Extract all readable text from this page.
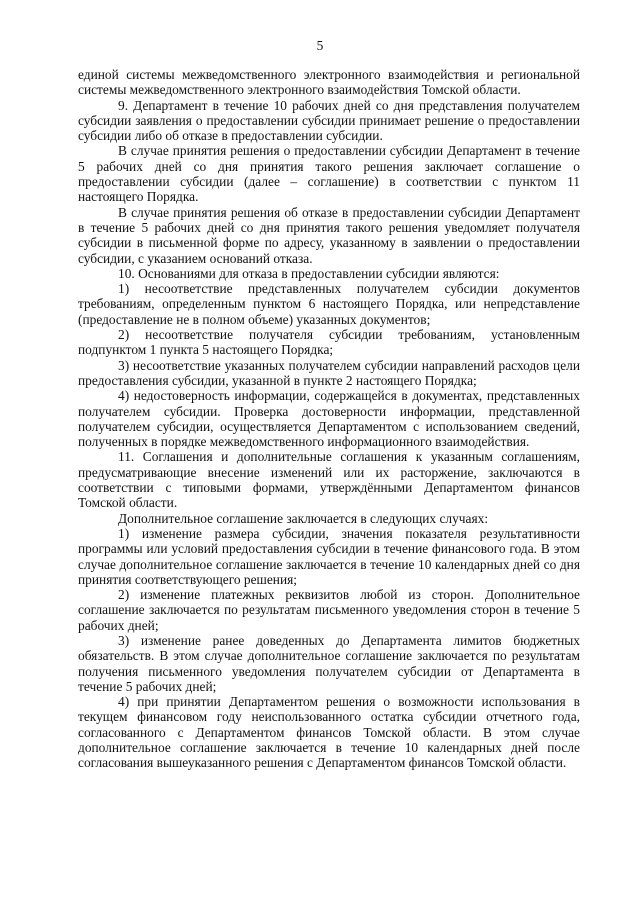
5

единой системы межведомственного электронного взаимодействия и региональной системы межведомственного электронного взаимодействия Томской области.

9. Департамент в течение 10 рабочих дней со дня представления получателем субсидии заявления о предоставлении субсидии принимает решение о предоставлении субсидии либо об отказе в предоставлении субсидии.

В случае принятия решения о предоставлении субсидии Департамент в течение 5 рабочих дней со дня принятия такого решения заключает соглашение о предоставлении субсидии (далее – соглашение) в соответствии с пунктом 11 настоящего Порядка.

В случае принятия решения об отказе в предоставлении субсидии Департамент в течение 5 рабочих дней со дня принятия такого решения уведомляет получателя субсидии в письменной форме по адресу, указанному в заявлении о предоставлении субсидии, с указанием оснований отказа.

10. Основаниями для отказа в предоставлении субсидии являются:

1) несоответствие представленных получателем субсидии документов требованиям, определенным пунктом 6 настоящего Порядка, или непредставление (предоставление не в полном объеме) указанных документов;

2) несоответствие получателя субсидии требованиям, установленным подпунктом 1 пункта 5 настоящего Порядка;

3) несоответствие указанных получателем субсидии направлений расходов цели предоставления субсидии, указанной в пункте 2 настоящего Порядка;

4) недостоверность информации, содержащейся в документах, представленных получателем субсидии. Проверка достоверности информации, представленной получателем субсидии, осуществляется Департаментом с использованием сведений, полученных в порядке межведомственного информационного взаимодействия.

11. Соглашения и дополнительные соглашения к указанным соглашениям, предусматривающие внесение изменений или их расторжение, заключаются в соответствии с типовыми формами, утверждёнными Департаментом финансов Томской области.

Дополнительное соглашение заключается в следующих случаях:

1) изменение размера субсидии, значения показателя результативности программы или условий предоставления субсидии в течение финансового года. В этом случае дополнительное соглашение заключается в течение 10 календарных дней со дня принятия соответствующего решения;

2) изменение платежных реквизитов любой из сторон. Дополнительное соглашение заключается по результатам письменного уведомления сторон в течение 5 рабочих дней;

3) изменение ранее доведенных до Департамента лимитов бюджетных обязательств. В этом случае дополнительное соглашение заключается по результатам получения письменного уведомления получателем субсидии от Департамента в течение 5 рабочих дней;

4) при принятии Департаментом решения о возможности использования в текущем финансовом году неиспользованного остатка субсидии отчетного года, согласованного с Департаментом финансов Томской области. В этом случае дополнительное соглашение заключается в течение 10 календарных дней после согласования вышеуказанного решения с Департаментом финансов Томской области.
